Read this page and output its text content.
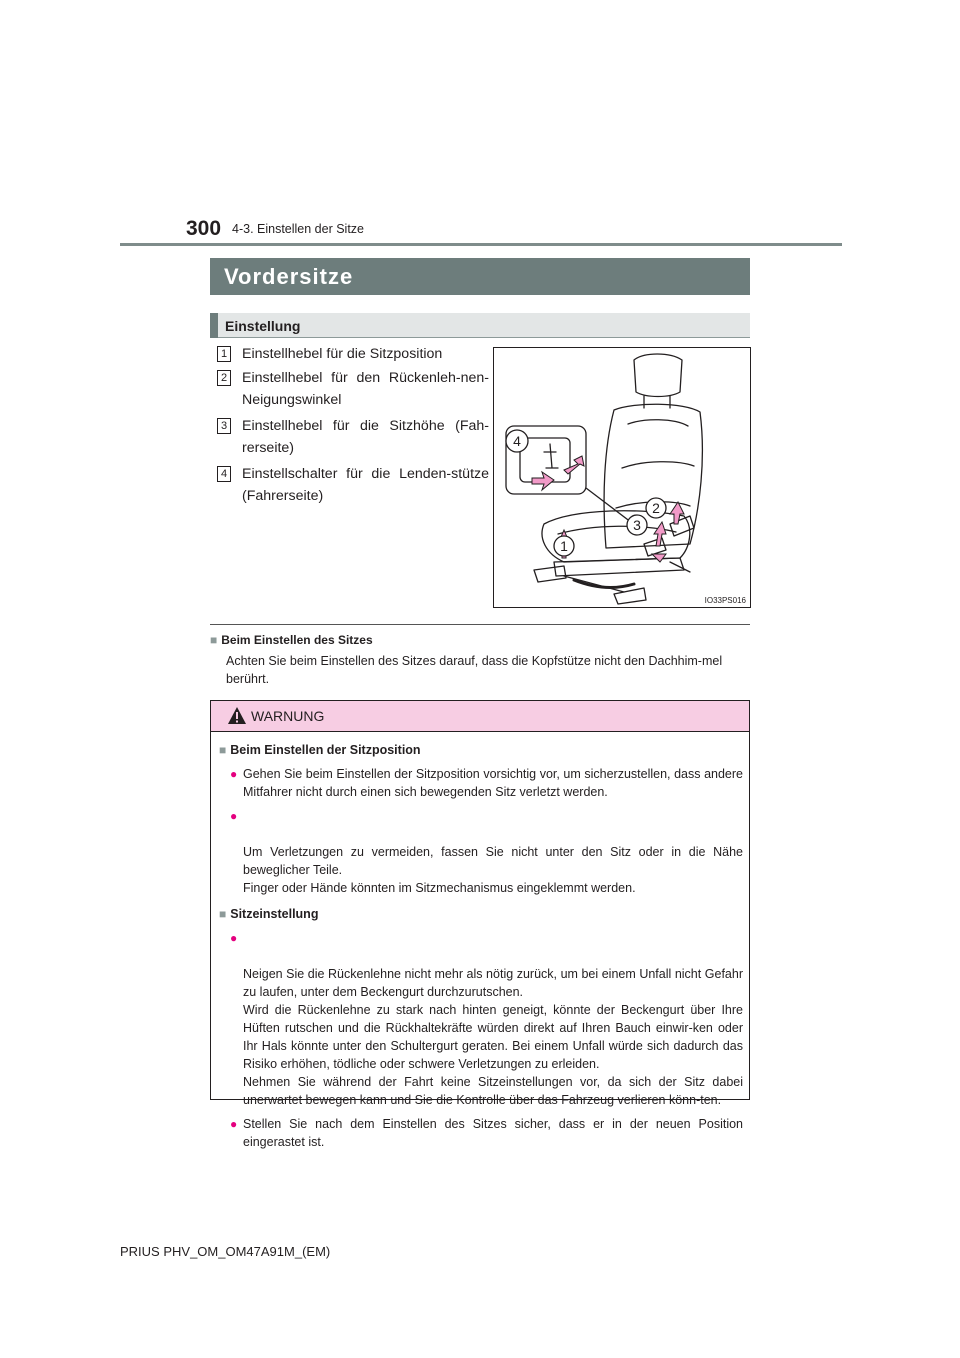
300 4-3. Einstellen der Sitze
Vordersitze
Einstellung
1	Einstellhebel für die Sitzposition
2	Einstellhebel für den Rückenleh-nen-Neigungswinkel
3	Einstellhebel für die Sitzhöhe (Fah-rerseite)
4	Einstellschalter für die Lenden-stütze (Fahrerseite)
4
2
3
1
IO33PS016
■ Beim Einstellen des Sitzes
Achten Sie beim Einstellen des Sitzes darauf, dass die Kopfstütze nicht den Dachhim-mel berührt.
WARNUNG
■ Beim Einstellen der Sitzposition
● Gehen Sie beim Einstellen der Sitzposition vorsichtig vor, um sicherzustellen, dass andere Mitfahrer nicht durch einen sich bewegenden Sitz verletzt werden.

●

Um Verletzungen zu vermeiden, fassen Sie nicht unter den Sitz oder in die Nähe beweglicher Teile.
Finger oder Hände könnten im Sitzmechanismus eingeklemmt werden.

■ Sitzeinstellung

●

Neigen Sie die Rückenlehne nicht mehr als nötig zurück, um bei einem Unfall nicht Gefahr zu laufen, unter dem Beckengurt durchzurutschen.
Wird die Rückenlehne zu stark nach hinten geneigt, könnte der Beckengurt über Ihre Hüften rutschen und die Rückhaltekräfte würden direkt auf Ihren Bauch einwir-ken oder Ihr Hals könnte unter den Schultergurt geraten. Bei einem Unfall würde sich dadurch das Risiko erhöhen, tödliche oder schwere Verletzungen zu erleiden.
Nehmen Sie während der Fahrt keine Sitzeinstellungen vor, da sich der Sitz dabei unerwartet bewegen kann und Sie die Kontrolle über das Fahrzeug verlieren könn-ten.

● Stellen Sie nach dem Einstellen des Sitzes sicher, dass er in der neuen Position eingerastet ist.
PRIUS PHV_OM_OM47A91M_(EM)
